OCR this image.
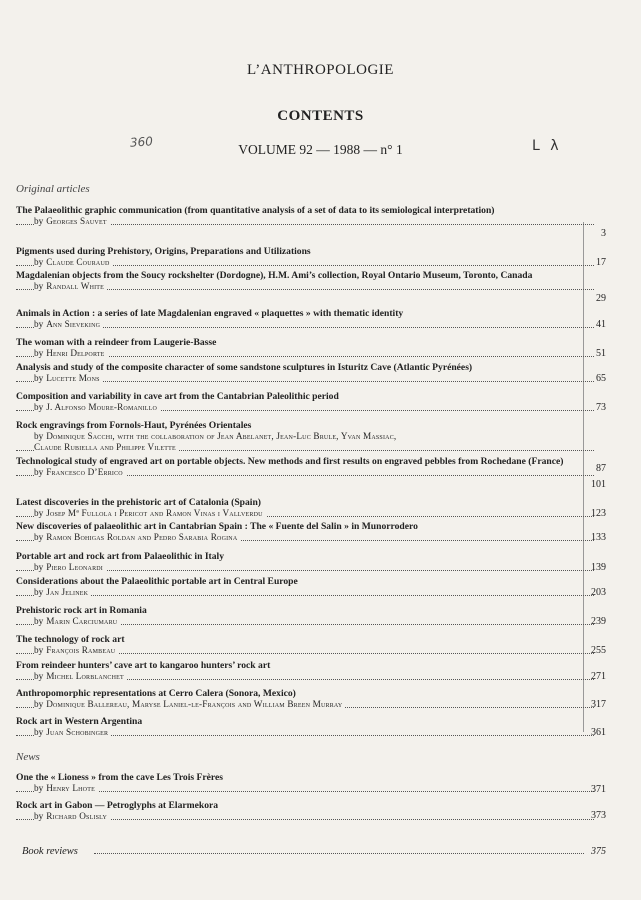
L’ANTHROPOLOGIE
CONTENTS
360	VOLUME 92 — 1988 — n° 1	L λ
Original articles
The Palaeolithic graphic communication (from quantitative analysis of a set of data to its semiological interpretation)
by Georges Sauvet
3
Pigments used during Prehistory, Origins, Preparations and Utilizations
by Claude Couraud	17
Magdalenian objects from the Soucy rockshelter (Dordogne), H.M. Ami’s collection, Royal Ontario Museum, Toronto, Canada
by Randall White
29
Animals in Action : a series of late Magdalenian engraved « plaquettes » with thematic identity
by Ann Sieveking	41
The woman with a reindeer from Laugerie-Basse
by Henri Delporte	51
Analysis and study of the composite character of some sandstone sculptures in Isturitz Cave (Atlantic Pyrénées)
by Lucette Mons	65
Composition and variability in cave art from the Cantabrian Paleolithic period
by J. Alfonso Moure-Romanillo	73
Rock engravings from Fornols-Haut, Pyrénées Orientales
by Dominique Sacchi, with the collaboration of Jean Abelanet, Jean-Luc Brule, Yvan Massiac,
Claude Rubiella and Philippe Vilette
87
Technological study of engraved art on portable objects. New methods and first results on engraved pebbles from Rochedane (France)
by Francesco D’Errico
101
Latest discoveries in the prehistoric art of Catalonia (Spain)
by Josep Mª Fullola i Pericot and Ramon Vinas i Vallverdu	123
New discoveries of palaeolithic art in Cantabrian Spain : The « Fuente del Salin » in Munorrodero
by Ramon Bohigas Roldan and Pedro Sarabia Rogina	133
Portable art and rock art from Palaeolithic in Italy
by Piero Leonardi	139
Considerations about the Palaeolithic portable art in Central Europe
by Jan Jelinek	203
Prehistoric rock art in Romania
by Marin Carciumaru	239
The technology of rock art
by François Rambeau	255
From reindeer hunters’ cave art to kangaroo hunters’ rock art
by Michel Lorblanchet	271
Anthropomorphic representations at Cerro Calera (Sonora, Mexico)
by Dominique Ballereau, Maryse Laniel-le-François and William Breen Murray	317
Rock art in Western Argentina
by Juan Schobinger	361
One the « Lioness » from the cave Les Trois Frères
by Henry Lhote	371
Rock art in Gabon — Petroglyphs at Elarmekora
by Richard Oslisly	373
News
Book reviews	375
